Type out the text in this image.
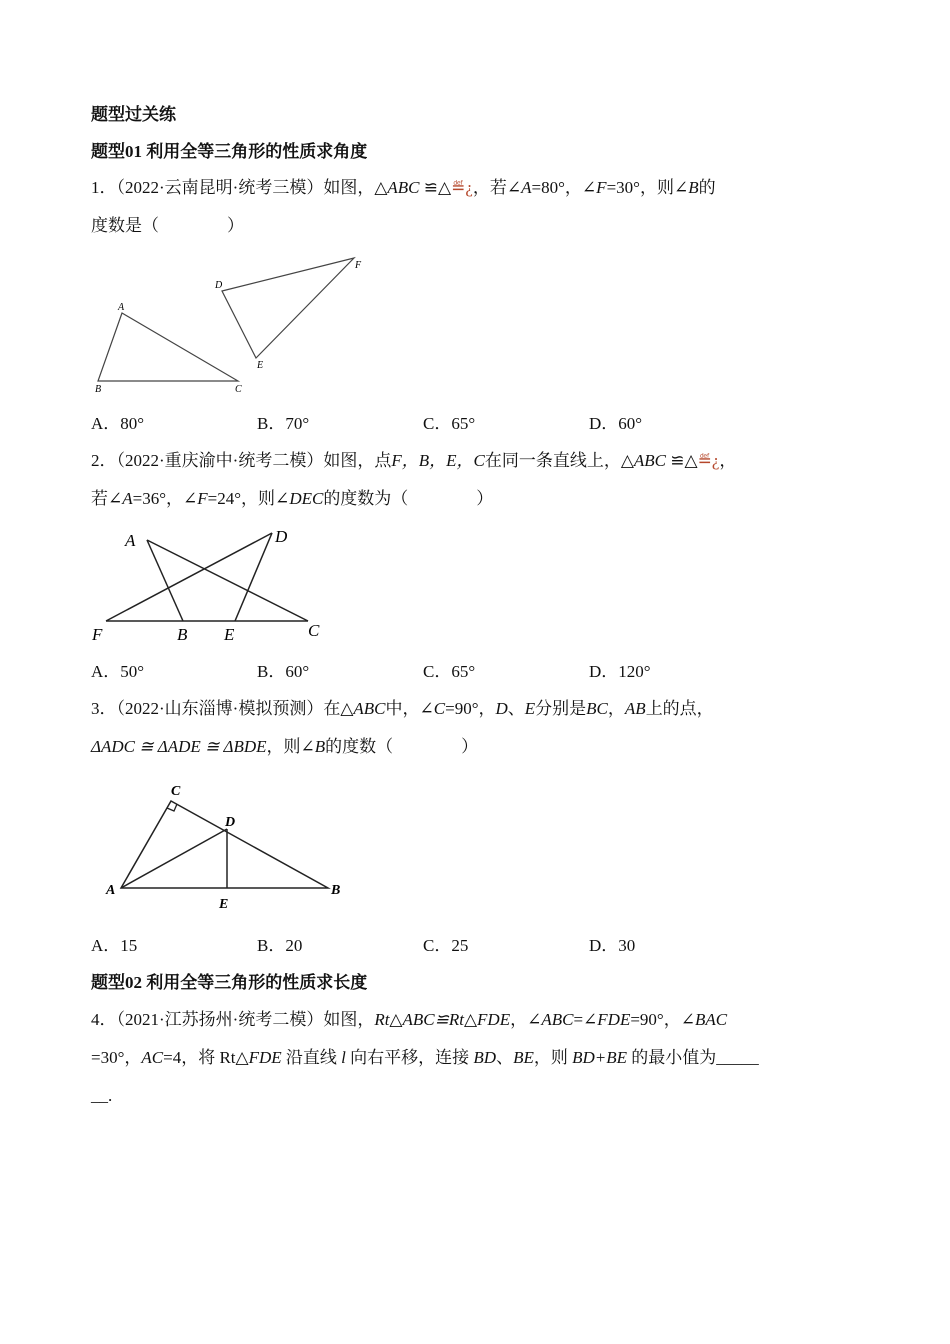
题型过关练
题型01 利用全等三角形的性质求角度
1．（2022·云南昆明·统考三模）如图，△ABC ≌△≝¿，若∠A=80°，∠F=30°，则∠B的
度数是（　　　　）
A
B	C
D
E
F
A．80°	B．70°	C．65°	D．60°
2．（2022·重庆渝中·统考二模）如图，点F，B，E，C在同一条直线上，△ABC ≌△≝¿，
若∠A=36°，∠F=24°，则∠DEC的度数为（　　　　）
A	D
F	B E	C
A．50°	B．60°	C．65°	D．120°
3．（2022·山东淄博·模拟预测）在△ABC中，∠C=90°，D、E分别是BC，AB上的点，
ΔADC ≅ ΔADE ≅ ΔBDE，则∠B的度数（　　　　）
C
D
A
E
B
A．15	B．20	C．25	D．30
题型02 利用全等三角形的性质求长度
4．（2021·江苏扬州·统考二模）如图，Rt△ABC≌Rt△FDE，∠ABC=∠FDE=90°，∠BAC
=30°，AC=4，将 Rt△FDE 沿直线 l 向右平移，连接 BD、BE，则 BD+BE 的最小值为_____
__.
